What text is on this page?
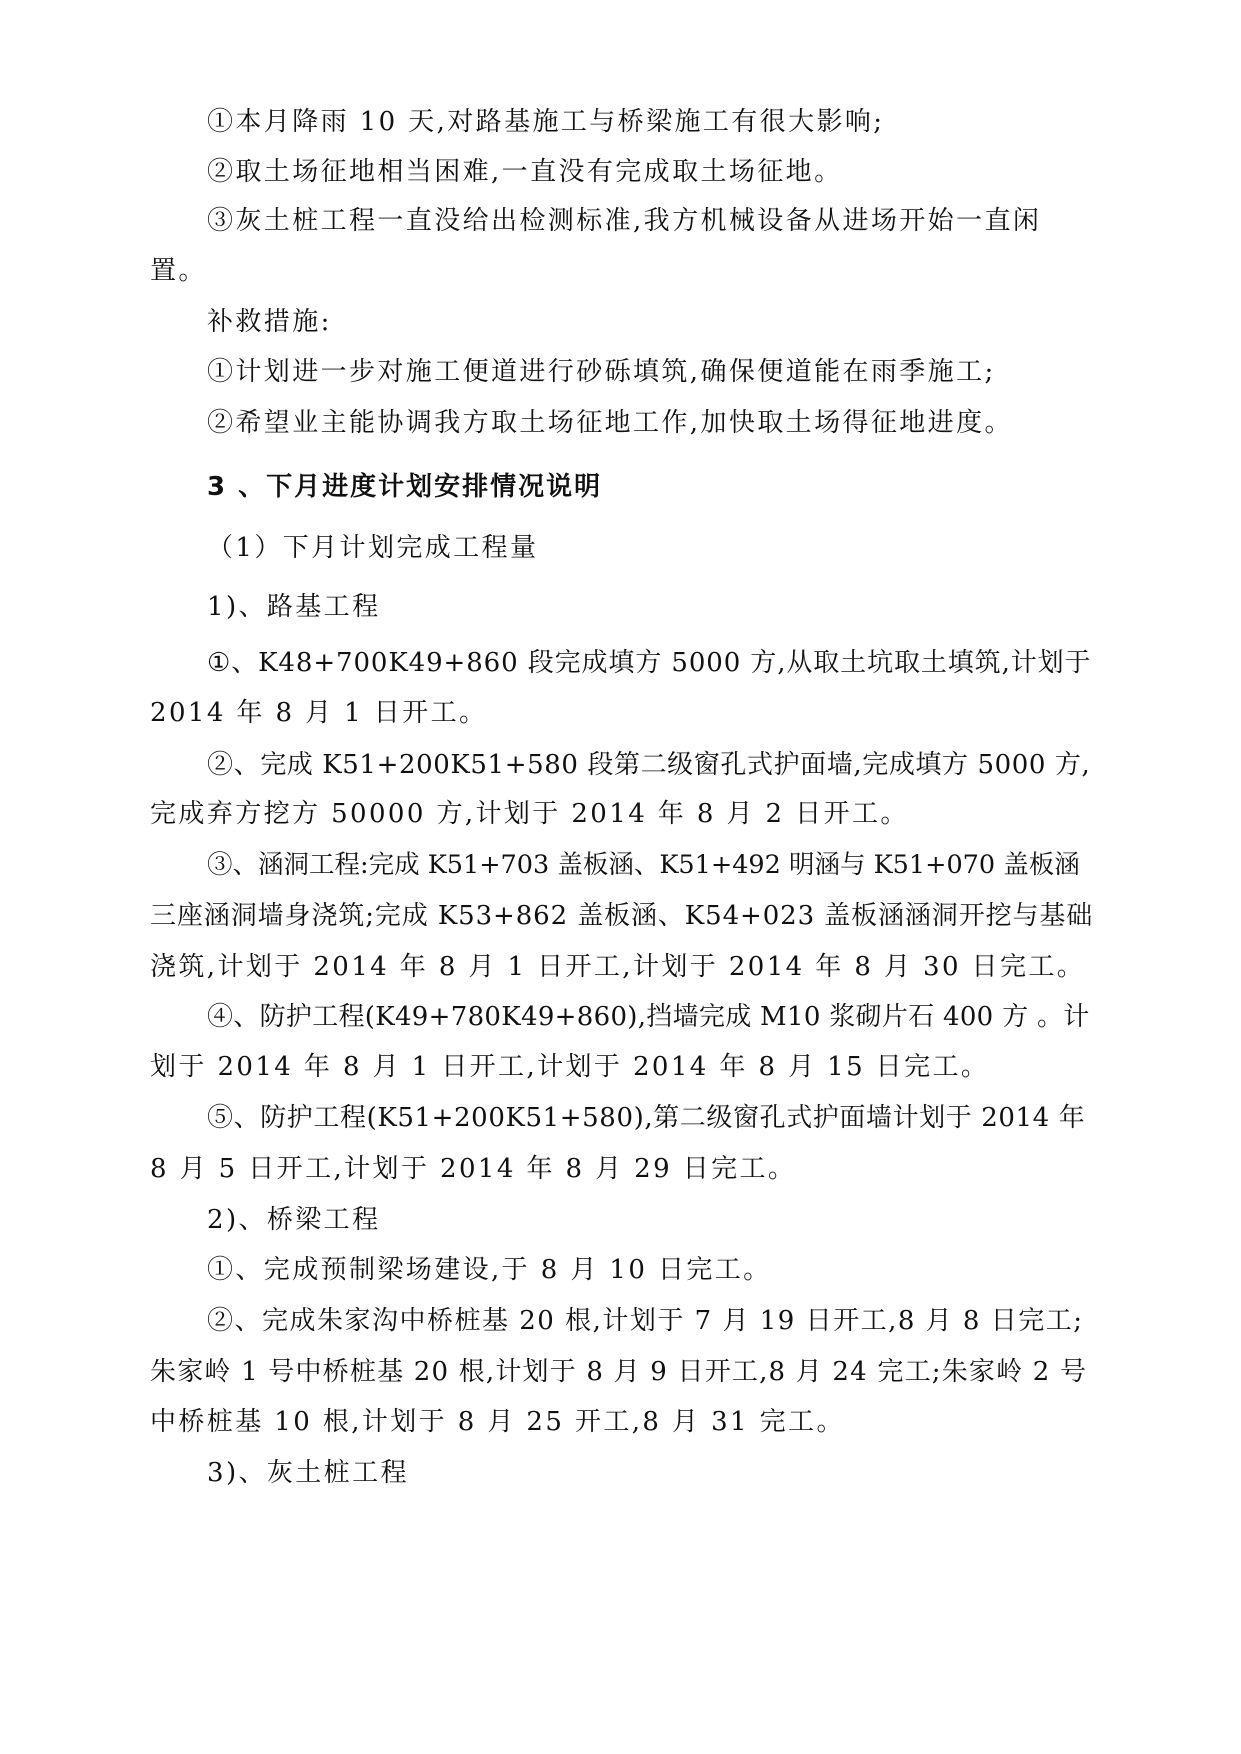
①本月降雨 10 天,对路基施工与桥梁施工有很大影响;
②取土场征地相当困难,一直没有完成取土场征地。
③灰土桩工程一直没给出检测标准,我方机械设备从进场开始一直闲
置。
补救措施:
①计划进一步对施工便道进行砂砾填筑,确保便道能在雨季施工;
②希望业主能协调我方取土场征地工作,加快取土场得征地进度。
3 、下月进度计划安排情况说明
（1）下月计划完成工程量
1)、路基工程
①、K48+700K49+860 段完成填方 5000 方,从取土坑取土填筑,计划于
2014 年 8 月 1 日开工。
②、完成 K51+200K51+580 段第二级窗孔式护面墙,完成填方 5000 方,
完成弃方挖方 50000 方,计划于 2014 年 8 月 2 日开工。
③、涵洞工程:完成 K51+703 盖板涵、K51+492 明涵与 K51+070 盖板涵
三座涵洞墙身浇筑;完成 K53+862 盖板涵、K54+023 盖板涵涵洞开挖与基础
浇筑,计划于 2014 年 8 月 1 日开工,计划于 2014 年 8 月 30 日完工。
④、防护工程(K49+780K49+860),挡墙完成 M10 浆砌片石 400 方 。计
划于 2014 年 8 月 1 日开工,计划于 2014 年 8 月 15 日完工。
⑤、防护工程(K51+200K51+580),第二级窗孔式护面墙计划于 2014 年
8 月 5 日开工,计划于 2014 年 8 月 29 日完工。
2)、桥梁工程
①、完成预制梁场建设,于 8 月 10 日完工。
②、完成朱家沟中桥桩基 20 根,计划于 7 月 19 日开工,8 月 8 日完工;
朱家岭 1 号中桥桩基 20 根,计划于 8 月 9 日开工,8 月 24 完工;朱家岭 2 号
中桥桩基 10 根,计划于 8 月 25 开工,8 月 31 完工。
3)、灰土桩工程
